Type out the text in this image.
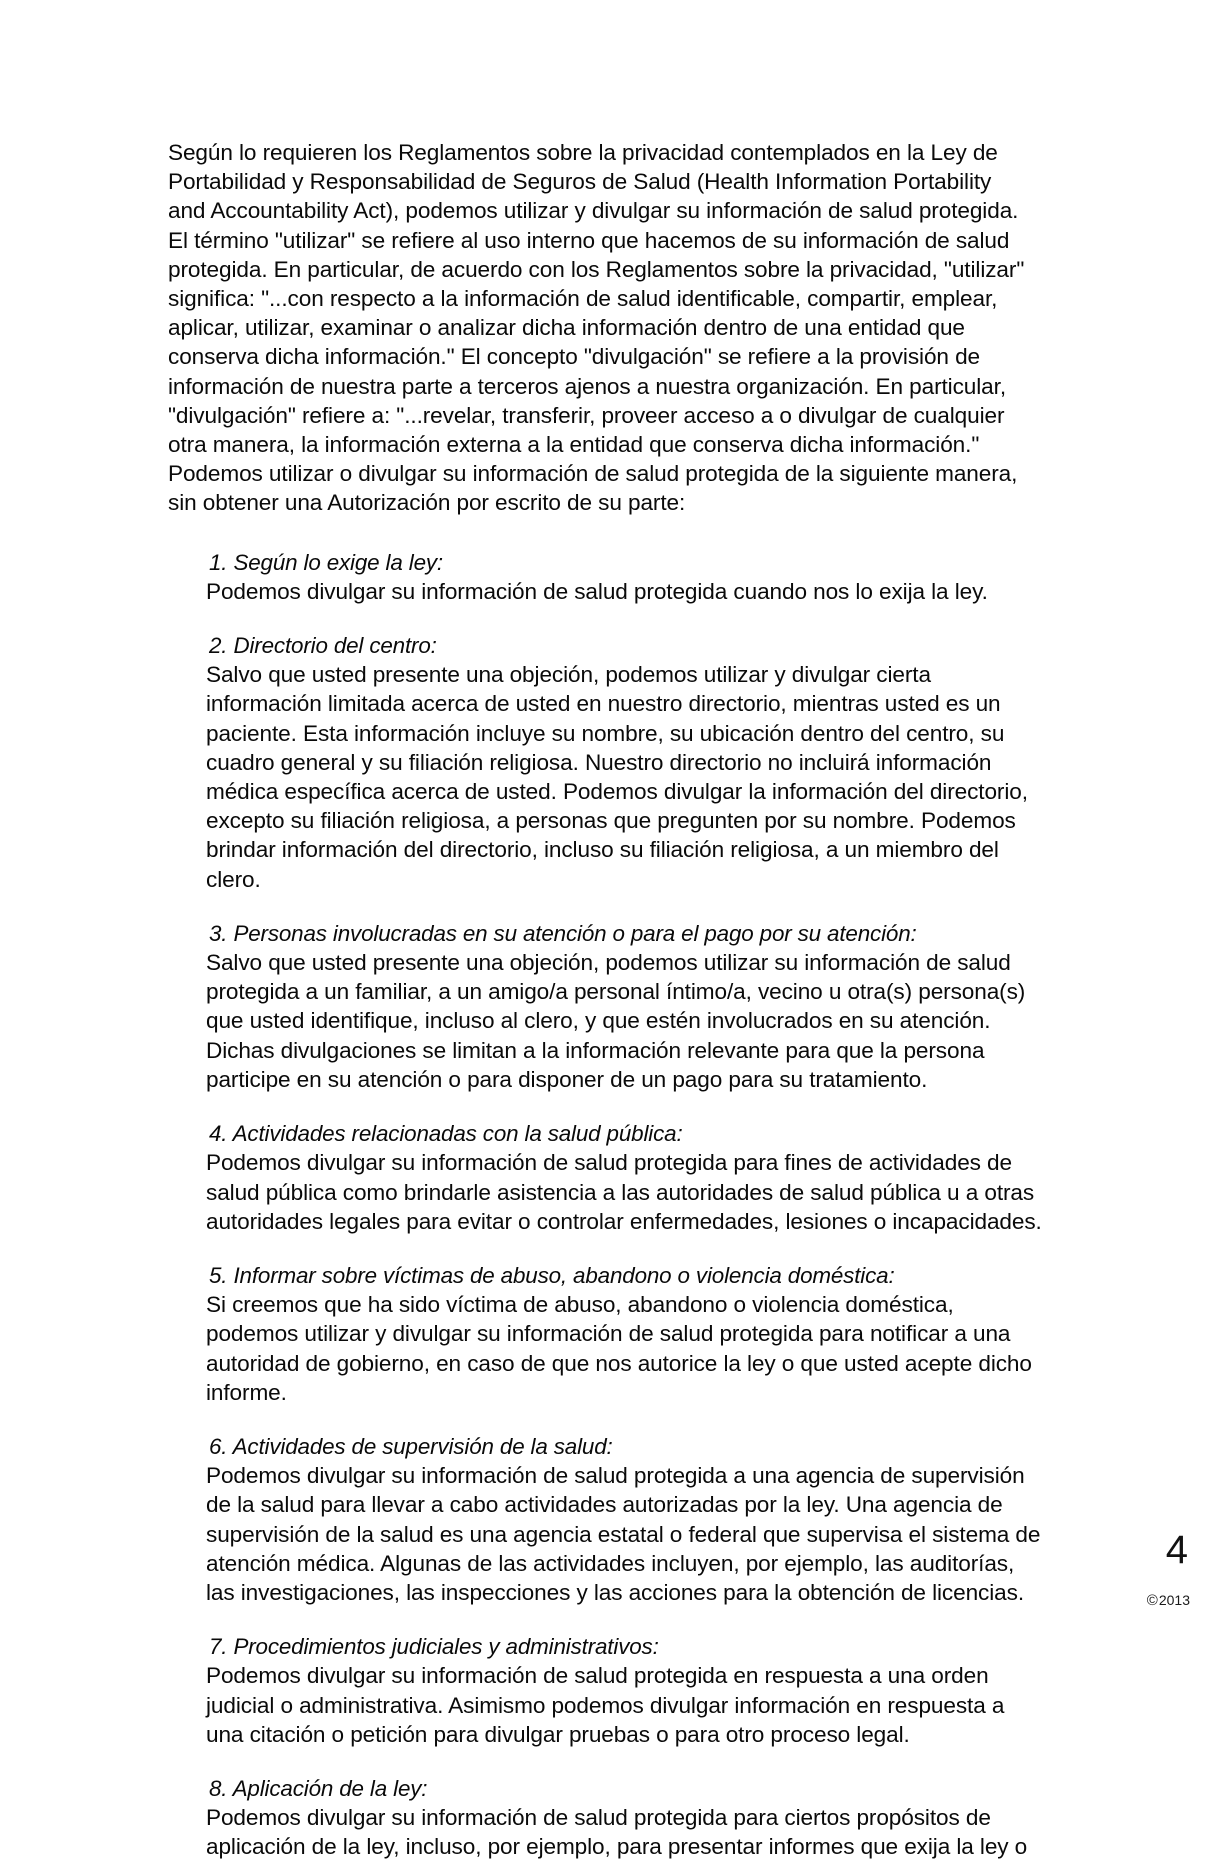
Según lo requieren los Reglamentos sobre la privacidad contemplados en la Ley de Portabilidad y Responsabilidad de Seguros de Salud (Health Information Portability and Accountability Act), podemos utilizar y divulgar su información de salud protegida. El término "utilizar" se refiere al uso interno que hacemos de su información de salud protegida. En particular, de acuerdo con los Reglamentos sobre la privacidad, "utilizar" significa: "...con respecto a la información de salud identificable, compartir, emplear, aplicar, utilizar, examinar o analizar dicha información dentro de una entidad que conserva dicha información." El concepto "divulgación" se refiere a la provisión de información de nuestra parte a terceros ajenos a nuestra organización. En particular, "divulgación" refiere a: "...revelar, transferir, proveer acceso a o divulgar de cualquier otra manera, la información externa a la entidad que conserva dicha información." Podemos utilizar o divulgar su información de salud protegida de la siguiente manera, sin obtener una Autorización por escrito de su parte:

1. Según lo exige la ley:

Podemos divulgar su información de salud protegida cuando nos lo exija la ley.

2. Directorio del centro:

Salvo que usted presente una objeción, podemos utilizar y divulgar cierta información limitada acerca de usted en nuestro directorio, mientras usted es un paciente. Esta información incluye su nombre, su ubicación dentro del centro, su cuadro general y su filiación religiosa. Nuestro directorio no incluirá información médica específica acerca de usted. Podemos divulgar la información del directorio, excepto su filiación religiosa, a personas que pregunten por su nombre. Podemos brindar información del directorio, incluso su filiación religiosa, a un miembro del clero.

3. Personas involucradas en su atención o para el pago por su atención:

Salvo que usted presente una objeción, podemos utilizar su información de salud protegida a un familiar, a un amigo/a personal íntimo/a, vecino u otra(s) persona(s) que usted identifique, incluso al clero, y que estén involucrados en su atención. Dichas divulgaciones se limitan a la información relevante para que la persona participe en su atención o para disponer de un pago para su tratamiento.

4. Actividades relacionadas con la salud pública:

Podemos divulgar su información de salud protegida para fines de actividades de salud pública como brindarle asistencia a las autoridades de salud pública u a otras autoridades legales para evitar o controlar enfermedades, lesiones o incapacidades.

5. Informar sobre víctimas de abuso, abandono o violencia doméstica:

Si creemos que ha sido víctima de abuso, abandono o violencia doméstica, podemos utilizar y divulgar su información de salud protegida para notificar a una autoridad de gobierno, en caso de que nos autorice la ley o que usted acepte dicho informe.

6. Actividades de supervisión de la salud:

Podemos divulgar su información de salud protegida a una agencia de supervisión de la salud para llevar a cabo actividades autorizadas por la ley. Una agencia de supervisión de la salud es una agencia estatal o federal que supervisa el sistema de atención médica. Algunas de las actividades incluyen, por ejemplo, las auditorías, las investigaciones, las inspecciones y las acciones para la obtención de licencias.

7. Procedimientos judiciales y administrativos:

Podemos divulgar su información de salud protegida en respuesta a una orden judicial o administrativa. Asimismo podemos divulgar información en respuesta a una citación o petición para divulgar pruebas o para otro proceso legal.

8. Aplicación de la ley:

Podemos divulgar su información de salud protegida para ciertos propósitos de aplicación de la ley, incluso, por ejemplo, para presentar informes que exija la ley o

4
© 2013
